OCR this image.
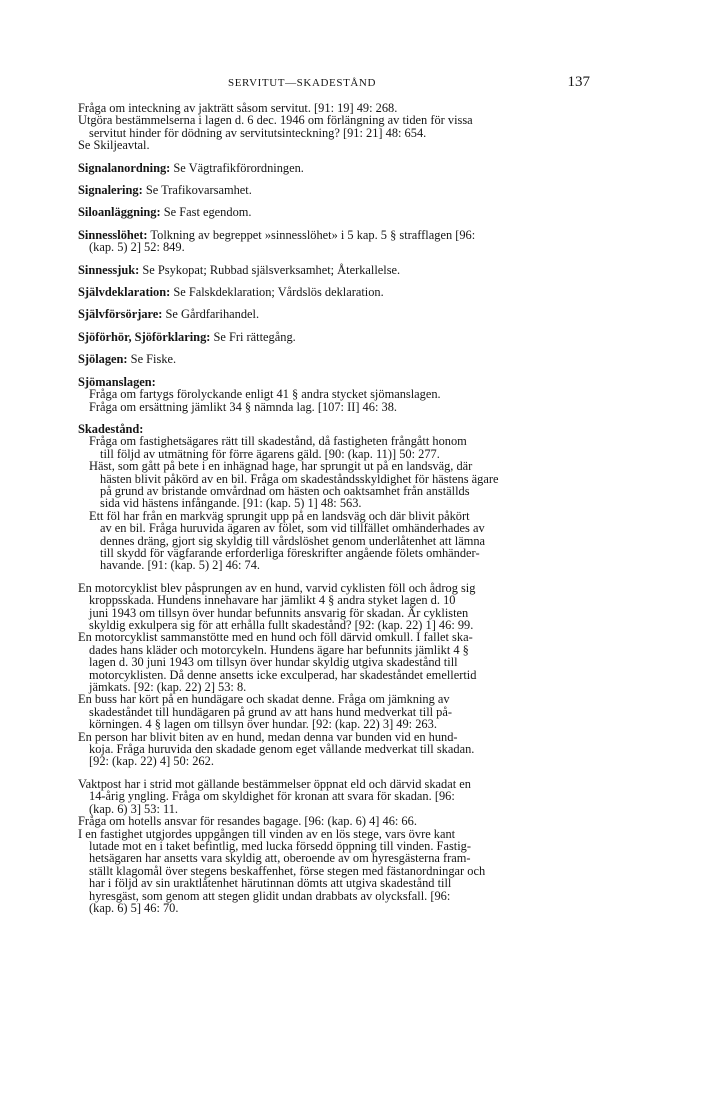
SERVITUT—SKADESTÅND	137
Fråga om inteckning av jakträtt såsom servitut. [91: 19] 49: 268.
Utgöra bestämmelserna i lagen d. 6 dec. 1946 om förlängning av tiden för vissa
servitut hinder för dödning av servitutsinteckning? [91: 21] 48: 654.
Se Skiljeavtal.
Signalanordning: Se Vägtrafikförordningen.
Signalering: Se Trafikovarsamhet.
Siloanläggning: Se Fast egendom.
Sinnesslöhet: Tolkning av begreppet »sinnesslöhet» i 5 kap. 5 § strafflagen [96:
(kap. 5) 2] 52: 849.
Sinnessjuk: Se Psykopat; Rubbad själsverksamhet; Återkallelse.
Självdeklaration: Se Falskdeklaration; Vårdslös deklaration.
Självförsörjare: Se Gårdfarihandel.
Sjöförhör, Sjöförklaring: Se Fri rättegång.
Sjölagen: Se Fiske.
Sjömanslagen:
Fråga om fartygs förolyckande enligt 41 § andra stycket sjömanslagen.
Fråga om ersättning jämlikt 34 § nämnda lag. [107: II] 46: 38.
Skadestånd:
Fråga om fastighetsägares rätt till skadestånd, då fastigheten frångått honom
till följd av utmätning för förre ägarens gäld. [90: (kap. 11)] 50: 277.
Häst, som gått på bete i en inhägnad hage, har sprungit ut på en landsväg, där
hästen blivit påkörd av en bil. Fråga om skadeståndsskyldighet för hästens ägare
på grund av bristande omvårdnad om hästen och oaktsamhet från anställds
sida vid hästens infångande. [91: (kap. 5) 1] 48: 563.
Ett föl har från en markväg sprungit upp på en landsväg och där blivit påkört
av en bil. Fråga huruvida ägaren av fölet, som vid tillfället omhänderhades av
dennes dräng, gjort sig skyldig till vårdslöshet genom underlåtenhet att lämna
till skydd för vägfarande erforderliga föreskrifter angående fölets omhänder-
havande. [91: (kap. 5) 2] 46: 74.
En motorcyklist blev påsprungen av en hund, varvid cyklisten föll och ådrog sig
kroppsskada. Hundens innehavare har jämlikt 4 § andra styket lagen d. 10
juni 1943 om tillsyn över hundar befunnits ansvarig för skadan. Är cyklisten
skyldig exkulpera sig för att erhålla fullt skadestånd? [92: (kap. 22) 1] 46: 99.
En motorcyklist sammanstötte med en hund och föll därvid omkull. I fallet ska-
dades hans kläder och motorcykeln. Hundens ägare har befunnits jämlikt 4 §
lagen d. 30 juni 1943 om tillsyn över hundar skyldig utgiva skadestånd till
motorcyklisten. Då denne ansetts icke exculperad, har skadeståndet emellertid
jämkats. [92: (kap. 22) 2] 53: 8.
En buss har kört på en hundägare och skadat denne. Fråga om jämkning av
skadeståndet till hundägaren på grund av att hans hund medverkat till på-
körningen. 4 § lagen om tillsyn över hundar. [92: (kap. 22) 3] 49: 263.
En person har blivit biten av en hund, medan denna var bunden vid en hund-
koja. Fråga huruvida den skadade genom eget vållande medverkat till skadan.
[92: (kap. 22) 4] 50: 262.
Vaktpost har i strid mot gällande bestämmelser öppnat eld och därvid skadat en
14-årig yngling. Fråga om skyldighet för kronan att svara för skadan. [96:
(kap. 6) 3] 53: 11.
Fråga om hotells ansvar för resandes bagage. [96: (kap. 6) 4] 46: 66.
I en fastighet utgjordes uppgången till vinden av en lös stege, vars övre kant
lutade mot en i taket befintlig, med lucka försedd öppning till vinden. Fastig-
hetsägaren har ansetts vara skyldig att, oberoende av om hyresgästerna fram-
ställt klagomål över stegens beskaffenhet, förse stegen med fästanordningar och
har i följd av sin uraktlåtenhet härutinnan dömts att utgiva skadestånd till
hyresgäst, som genom att stegen glidit undan drabbats av olycksfall. [96:
(kap. 6) 5] 46: 70.
